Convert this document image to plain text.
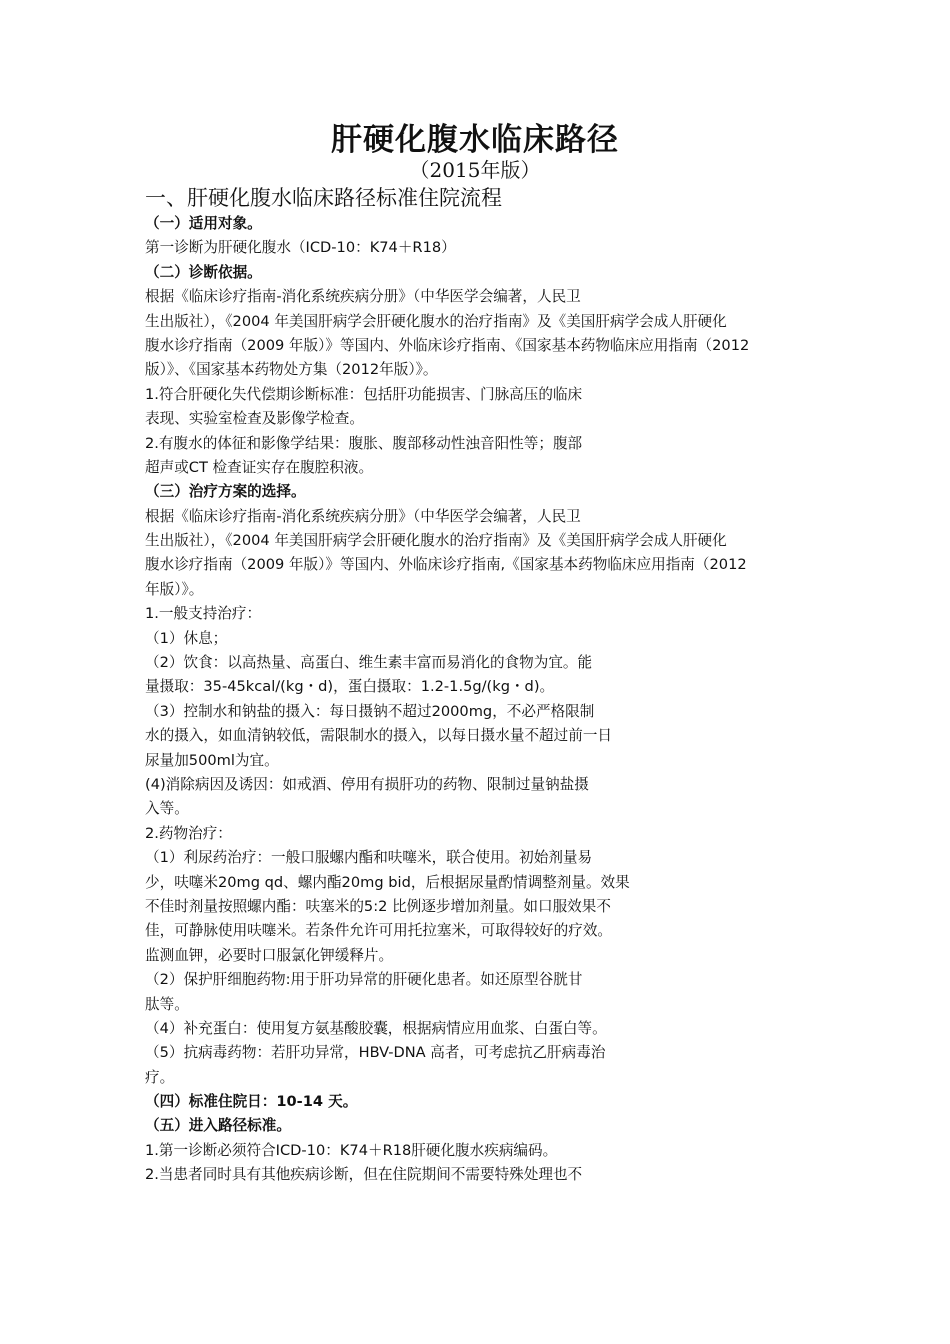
肝硬化腹水临床路径
（2015年版）
一、肝硬化腹水临床路径标准住院流程
（一）适用对象。
第一诊断为肝硬化腹水（ICD-10：K74＋R18）
（二）诊断依据。
根据《临床诊疗指南-消化系统疾病分册》（中华医学会编著，人民卫
生出版社），《2004 年美国肝病学会肝硬化腹水的治疗指南》及《美国肝病学会成人肝硬化
腹水诊疗指南（2009 年版）》等国内、外临床诊疗指南、《国家基本药物临床应用指南（2012
版）》、《国家基本药物处方集（2012年版）》。
1.符合肝硬化失代偿期诊断标准：包括肝功能损害、门脉高压的临床
表现、实验室检查及影像学检查。
2.有腹水的体征和影像学结果：腹胀、腹部移动性浊音阳性等；腹部
超声或CT 检查证实存在腹腔积液。
（三）治疗方案的选择。
根据《临床诊疗指南-消化系统疾病分册》（中华医学会编著，人民卫
生出版社），《2004 年美国肝病学会肝硬化腹水的治疗指南》及《美国肝病学会成人肝硬化
腹水诊疗指南（2009 年版）》等国内、外临床诊疗指南,《国家基本药物临床应用指南（2012
年版）》。
1.一般支持治疗：
（1）休息；
（2）饮食：以高热量、高蛋白、维生素丰富而易消化的食物为宜。能
量摄取：35-45kcal/(kg・d)，蛋白摄取：1.2-1.5g/(kg・d)。
（3）控制水和钠盐的摄入：每日摄钠不超过2000mg，不必严格限制
水的摄入，如血清钠较低，需限制水的摄入，以每日摄水量不超过前一日
尿量加500ml为宜。
(4)消除病因及诱因：如戒酒、停用有损肝功的药物、限制过量钠盐摄
入等。
2.药物治疗：
（1）利尿药治疗：一般口服螺内酯和呋噻米，联合使用。初始剂量易
少，呋噻米20mg qd、螺内酯20mg bid，后根据尿量酌情调整剂量。效果
不佳时剂量按照螺内酯：呋塞米的5:2 比例逐步增加剂量。如口服效果不
佳，可静脉使用呋噻米。若条件允许可用托拉塞米，可取得较好的疗效。
监测血钾，必要时口服氯化钾缓释片。
（2）保护肝细胞药物:用于肝功异常的肝硬化患者。如还原型谷胱甘
肽等。
（4）补充蛋白：使用复方氨基酸胶囊，根据病情应用血浆、白蛋白等。
（5）抗病毒药物：若肝功异常，HBV-DNA 高者，可考虑抗乙肝病毒治
疗。
（四）标准住院日：10-14 天。
（五）进入路径标准。
1.第一诊断必须符合ICD-10：K74＋R18肝硬化腹水疾病编码。
2.当患者同时具有其他疾病诊断，但在住院期间不需要特殊处理也不
